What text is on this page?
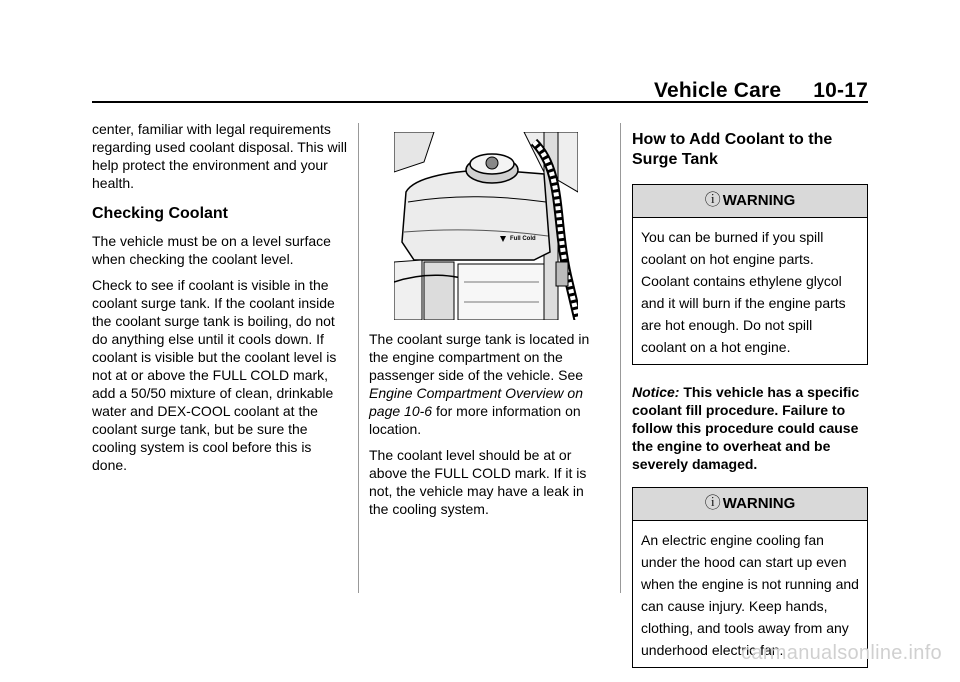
Vehicle Care 10-17

center, familiar with legal requirements regarding used coolant disposal. This will help protect the environment and your health.

Checking Coolant

The vehicle must be on a level surface when checking the coolant level.

Check to see if coolant is visible in the coolant surge tank. If the coolant inside the coolant surge tank is boiling, do not do anything else until it cools down. If coolant is visible but the coolant level is not at or above the FULL COLD mark, add a 50/50 mixture of clean, drinkable water and DEX-COOL coolant at the coolant surge tank, but be sure the cooling system is cool before this is done.

Full Cold

The coolant surge tank is located in the engine compartment on the passenger side of the vehicle. See Engine Compartment Overview on page 10-6 for more information on location.

The coolant level should be at or above the FULL COLD mark. If it is not, the vehicle may have a leak in the cooling system.

How to Add Coolant to the Surge Tank
ⓘ WARNING
You can be burned if you spill coolant on hot engine parts. Coolant contains ethylene glycol and it will burn if the engine parts are hot enough. Do not spill coolant on a hot engine.

Notice: This vehicle has a specific coolant fill procedure. Failure to follow this procedure could cause the engine to overheat and be severely damaged.

ⓘ WARNING
An electric engine cooling fan under the hood can start up even when the engine is not running and can cause injury. Keep hands, clothing, and tools away from any underhood electric fan.
carmanualsonline.info
